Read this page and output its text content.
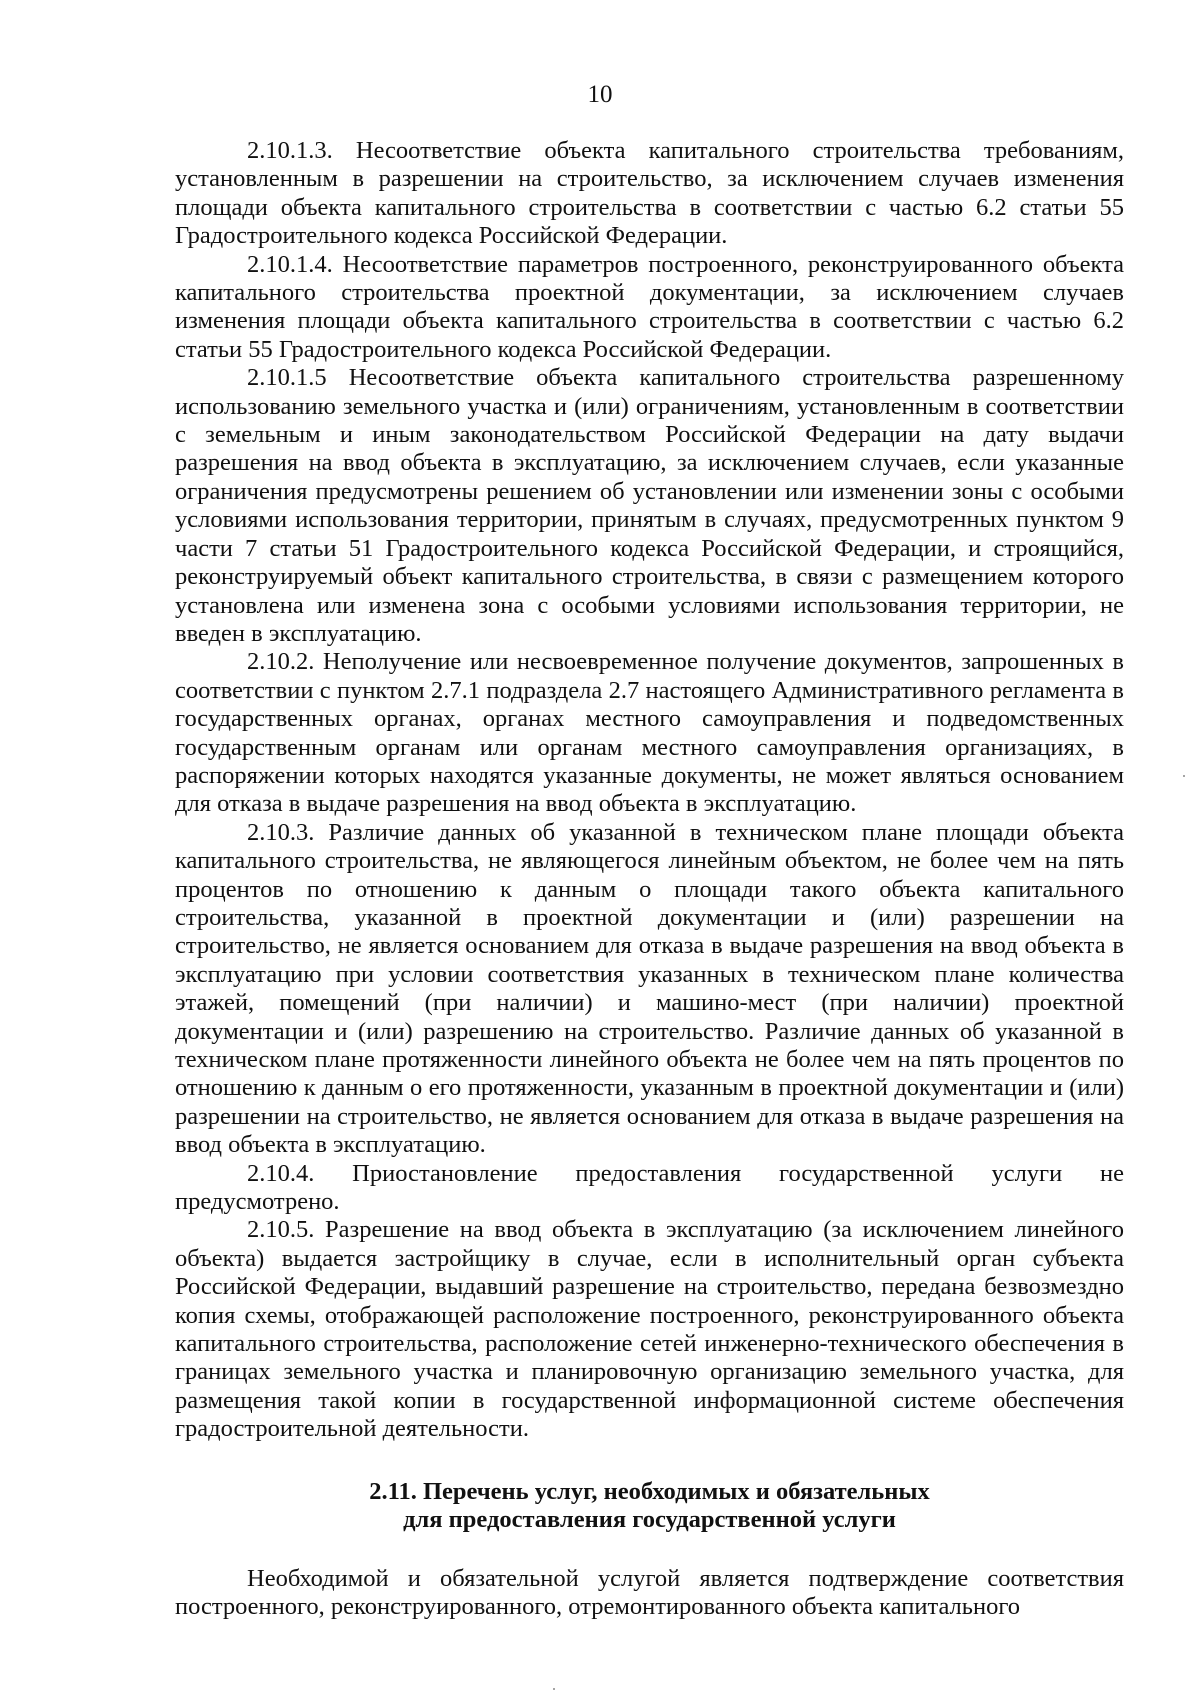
10

2.10.1.3. Несоответствие объекта капитального строительства требованиям, установленным в разрешении на строительство, за исключением случаев изменения площади объекта капитального строительства в соответствии с частью 6.2 статьи 55 Градостроительного кодекса Российской Федерации.

2.10.1.4. Несоответствие параметров построенного, реконструированного объекта капитального строительства проектной документации, за исключением случаев изменения площади объекта капитального строительства в соответствии с частью 6.2 статьи 55 Градостроительного кодекса Российской Федерации.

2.10.1.5 Несоответствие объекта капитального строительства разрешенному использованию земельного участка и (или) ограничениям, установленным в соответствии с земельным и иным законодательством Российской Федерации на дату выдачи разрешения на ввод объекта в эксплуатацию, за исключением случаев, если указанные ограничения предусмотрены решением об установлении или изменении зоны с особыми условиями использования территории, принятым в случаях, предусмотренных пунктом 9 части 7 статьи 51 Градостроительного кодекса Российской Федерации, и строящийся, реконструируемый объект капитального строительства, в связи с размещением которого установлена или изменена зона с особыми условиями использования территории, не введен в эксплуатацию.

2.10.2. Неполучение или несвоевременное получение документов, запрошенных в соответствии с пунктом 2.7.1 подраздела 2.7 настоящего Административного регламента в государственных органах, органах местного самоуправления и подведомственных государственным органам или органам местного самоуправления организациях, в распоряжении которых находятся указанные документы, не может являться основанием для отказа в выдаче разрешения на ввод объекта в эксплуатацию.

2.10.3. Различие данных об указанной в техническом плане площади объекта капитального строительства, не являющегося линейным объектом, не более чем на пять процентов по отношению к данным о площади такого объекта капитального строительства, указанной в проектной документации и (или) разрешении на строительство, не является основанием для отказа в выдаче разрешения на ввод объекта в эксплуатацию при условии соответствия указанных в техническом плане количества этажей, помещений (при наличии) и машино-мест (при наличии) проектной документации и (или) разрешению на строительство. Различие данных об указанной в техническом плане протяженности линейного объекта не более чем на пять процентов по отношению к данным о его протяженности, указанным в проектной документации и (или) разрешении на строительство, не является основанием для отказа в выдаче разрешения на ввод объекта в эксплуатацию.

2.10.4. Приостановление предоставления государственной услуги не предусмотрено.

2.10.5. Разрешение на ввод объекта в эксплуатацию (за исключением линейного объекта) выдается застройщику в случае, если в исполнительный орган субъекта Российской Федерации, выдавший разрешение на строительство, передана безвозмездно копия схемы, отображающей расположение построенного, реконструированного объекта капитального строительства, расположение сетей инженерно-технического обеспечения в границах земельного участка и планировочную организацию земельного участка, для размещения такой копии в государственной информационной системе обеспечения градостроительной деятельности.

2.11. Перечень услуг, необходимых и обязательных
для предоставления государственной услуги

Необходимой и обязательной услугой является подтверждение соответствия построенного, реконструированного, отремонтированного объекта капитального
